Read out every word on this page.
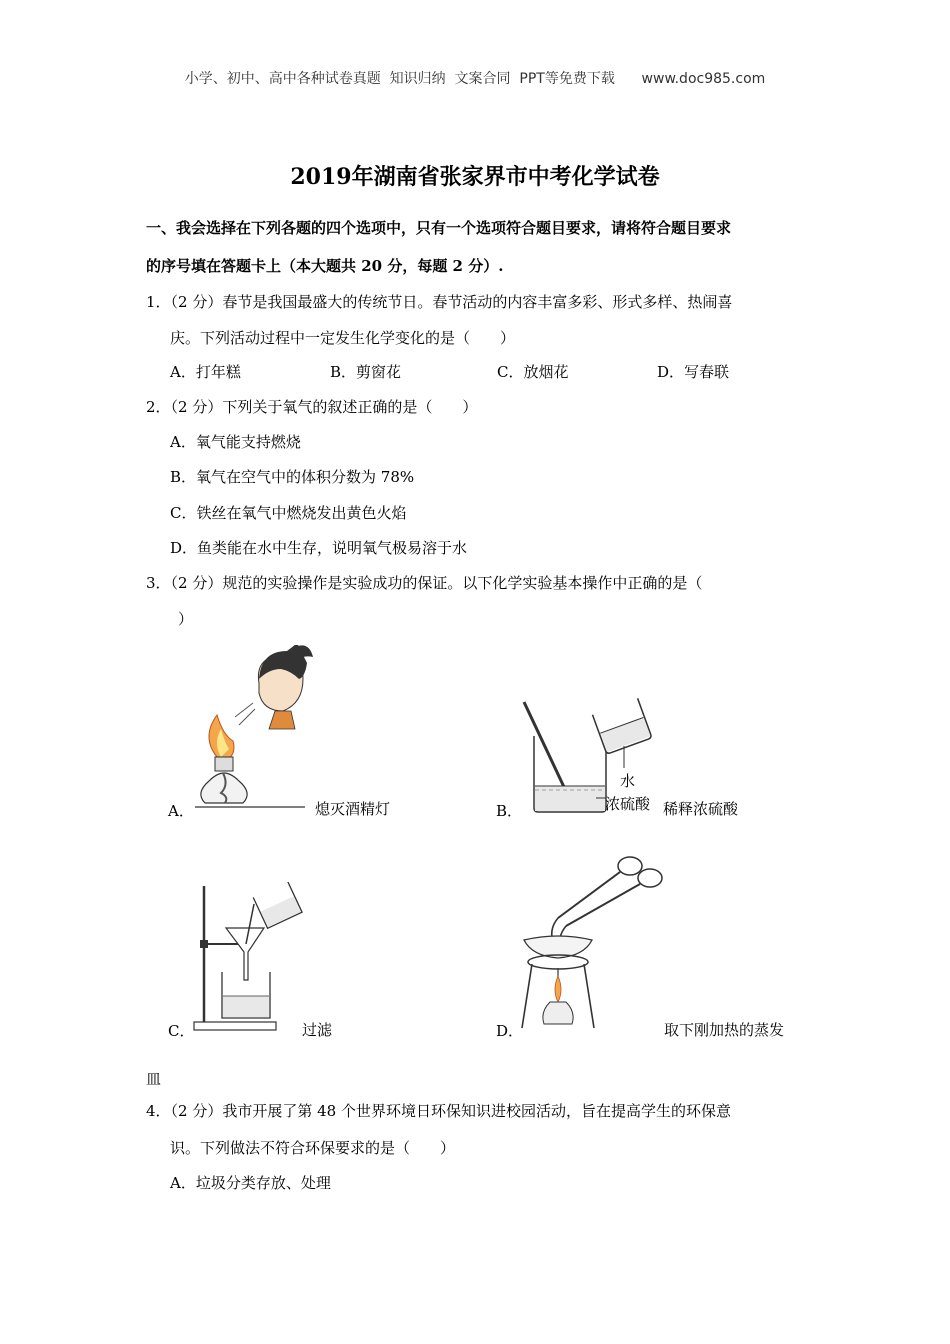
小学、初中、高中各种试卷真题  知识归纳  文案合同  PPT等免费下载      www.doc985.com
2019年湖南省张家界市中考化学试卷
一、我会选择在下列各题的四个选项中，只有一个选项符合题目要求，请将符合题目要求
的序号填在答题卡上（本大题共 20 分，每题 2 分）.
1．（2 分）春节是我国最盛大的传统节日。春节活动的内容丰富多彩、形式多样、热闹喜
庆。下列活动过程中一定发生化学变化的是（　　）
A．打年糕	B．剪窗花	C．放烟花	D．写春联
2．（2 分）下列关于氧气的叙述正确的是（　　）
A．氧气能支持燃烧
B．氧气在空气中的体积分数为 78%
C．铁丝在氧气中燃烧发出黄色火焰
D．鱼类能在水中生存，说明氧气极易溶于水
3．（2 分）规范的实验操作是实验成功的保证。以下化学实验基本操作中正确的是（
）
A．	熄灭酒精灯
水
浓硫酸
B．	稀释浓硫酸
C．	过滤	D．	取下刚加热的蒸发
皿
4．（2 分）我市开展了第 48 个世界环境日环保知识进校园活动，旨在提高学生的环保意
识。下列做法不符合环保要求的是（　　）
A．垃圾分类存放、处理
